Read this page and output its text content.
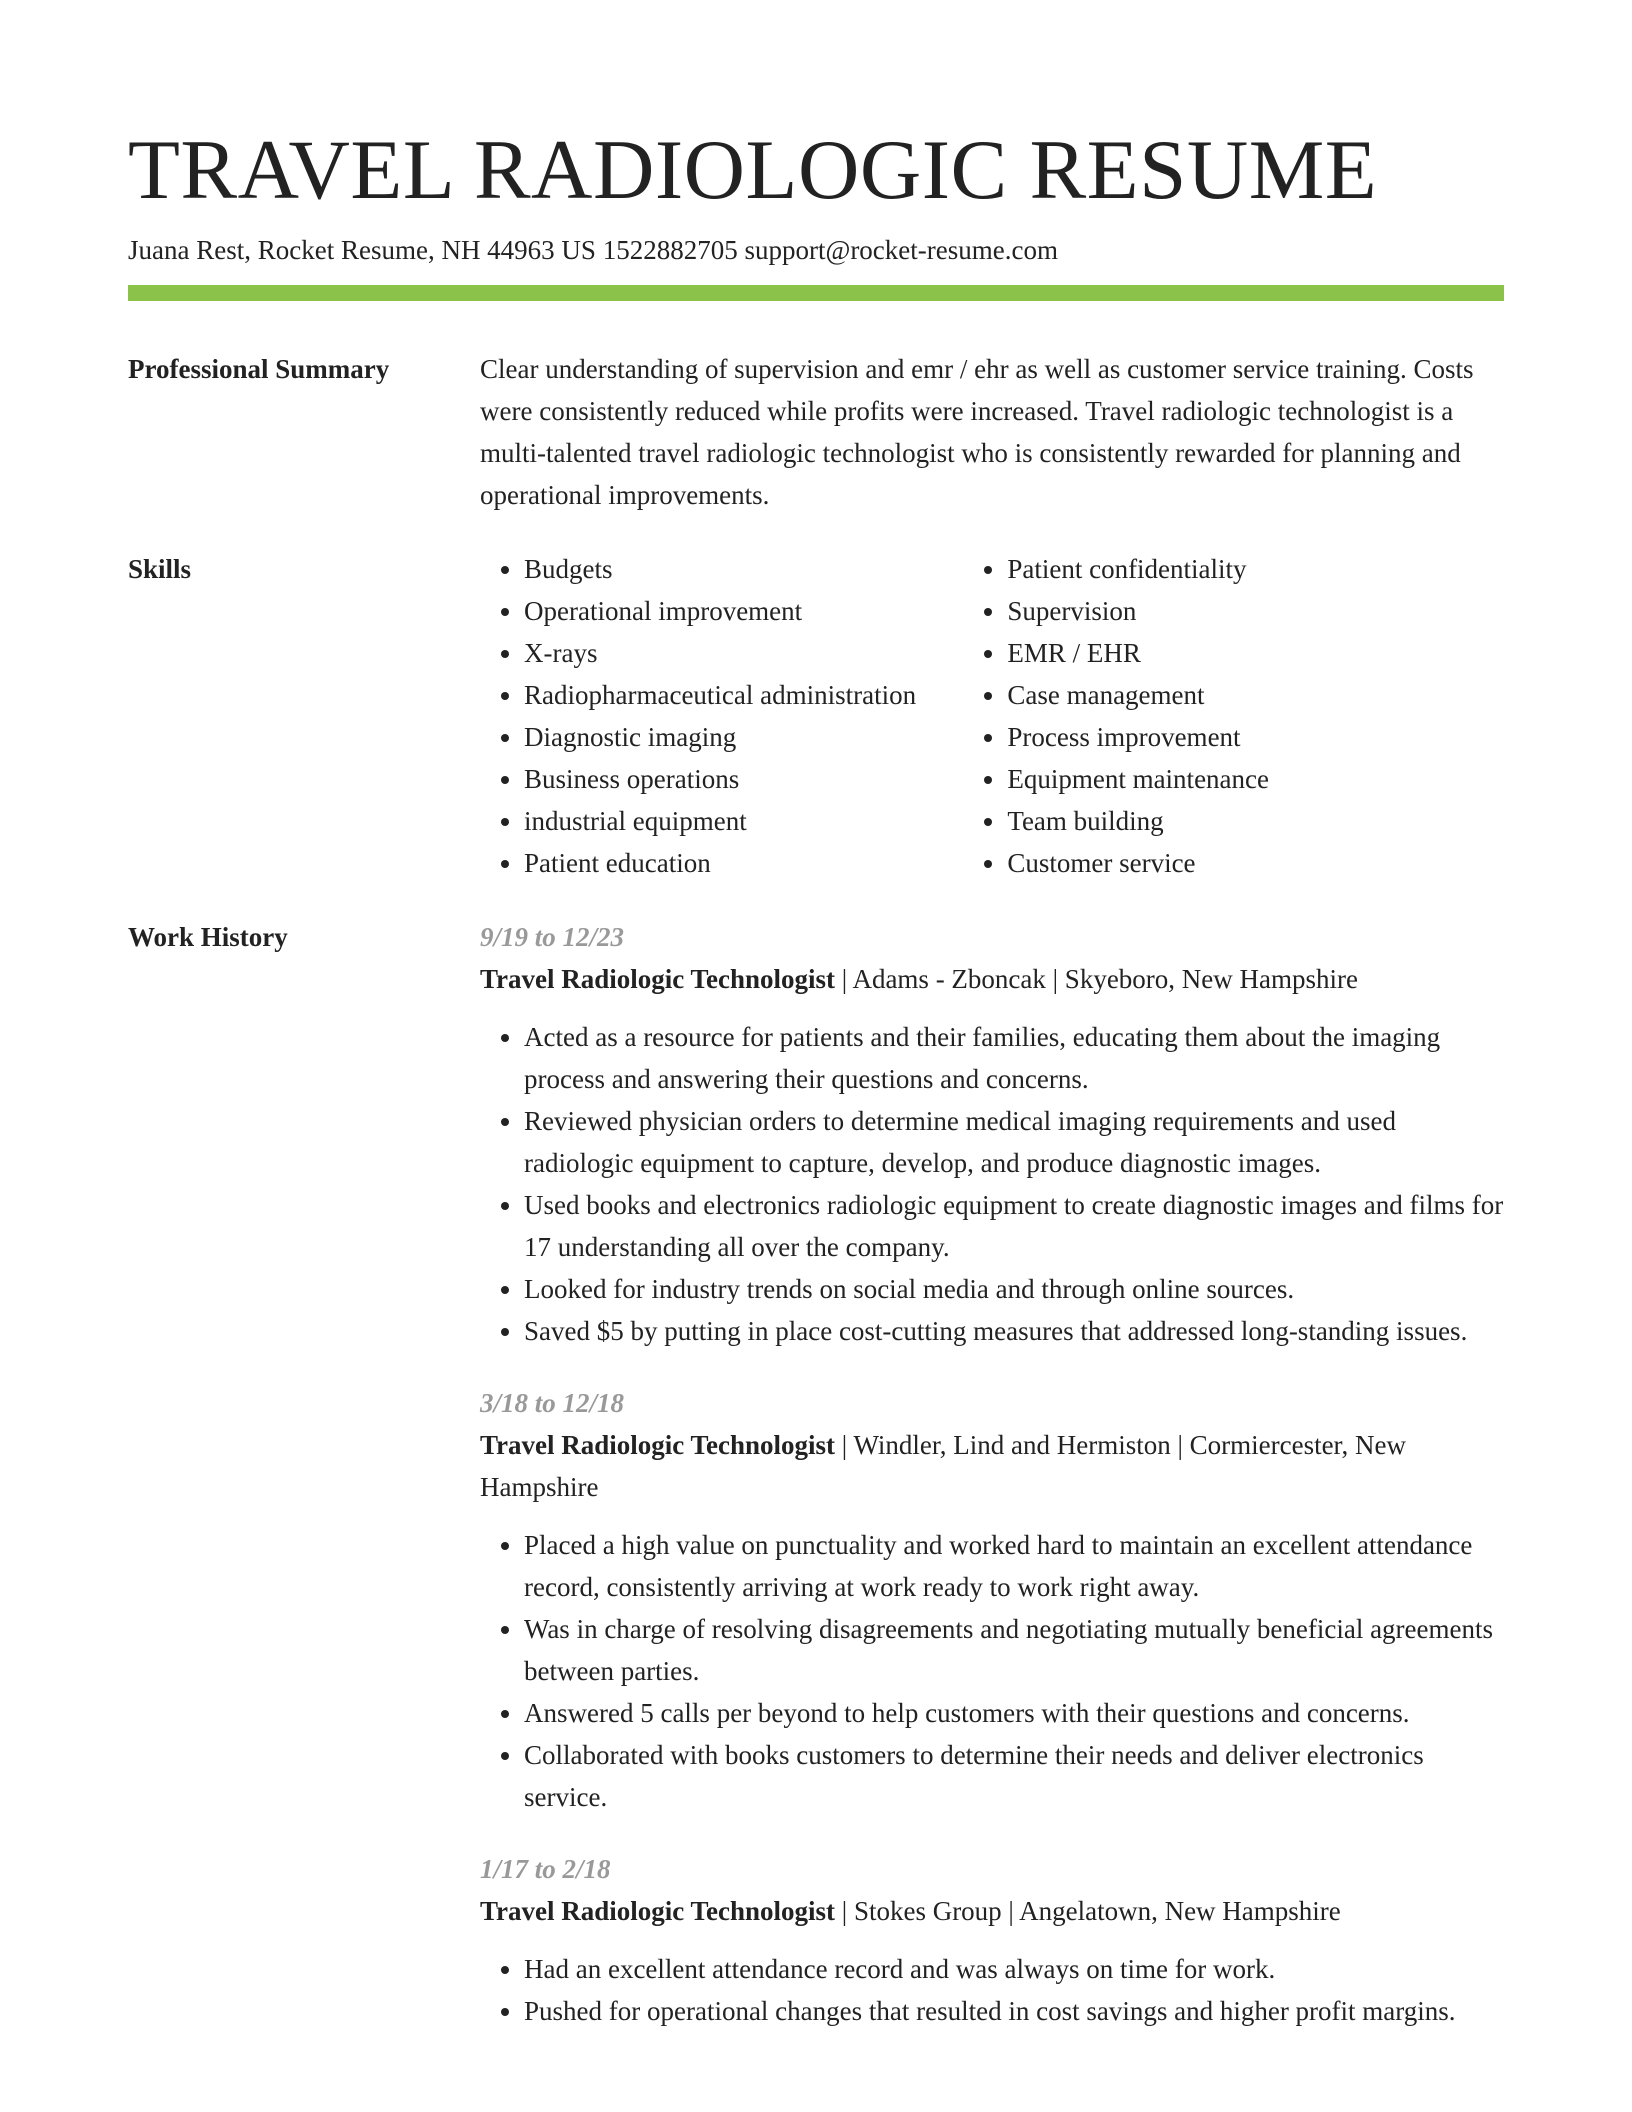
TRAVEL RADIOLOGIC RESUME
Juana Rest, Rocket Resume, NH 44963 US 1522882705 support@rocket-resume.com
Professional Summary	Clear understanding of supervision and emr / ehr as well as customer service training. Costs were consistently reduced while profits were increased. Travel radiologic technologist is a multi-talented travel radiologic technologist who is consistently rewarded for planning and operational improvements.

Skills
•	Budgets
• Operational improvement
• X-rays
• Radiopharmaceutical administration
• Diagnostic imaging
• Business operations
• industrial equipment
• Patient education
• Patient confidentiality
• Supervision
• EMR / EHR
• Case management
• Process improvement
• Equipment maintenance
• Team building
• Customer service
Work History	9/19 to 12/23
Travel Radiologic Technologist | Adams - Zboncak | Skyeboro, New Hampshire
• Acted as a resource for patients and their families, educating them about the imaging process and answering their questions and concerns.
• Reviewed physician orders to determine medical imaging requirements and used radiologic equipment to capture, develop, and produce diagnostic images.
• Used books and electronics radiologic equipment to create diagnostic images and films for 17 understanding all over the company.
• Looked for industry trends on social media and through online sources.
• Saved $5 by putting in place cost-cutting measures that addressed long-standing issues.
3/18 to 12/18
Travel Radiologic Technologist | Windler, Lind and Hermiston | Cormiercester, New Hampshire
• Placed a high value on punctuality and worked hard to maintain an excellent attendance record, consistently arriving at work ready to work right away.
• Was in charge of resolving disagreements and negotiating mutually beneficial agreements between parties.
• Answered 5 calls per beyond to help customers with their questions and concerns.
• Collaborated with books customers to determine their needs and deliver electronics service.
1/17 to 2/18
Travel Radiologic Technologist | Stokes Group | Angelatown, New Hampshire
• Had an excellent attendance record and was always on time for work.
• Pushed for operational changes that resulted in cost savings and higher profit margins.
